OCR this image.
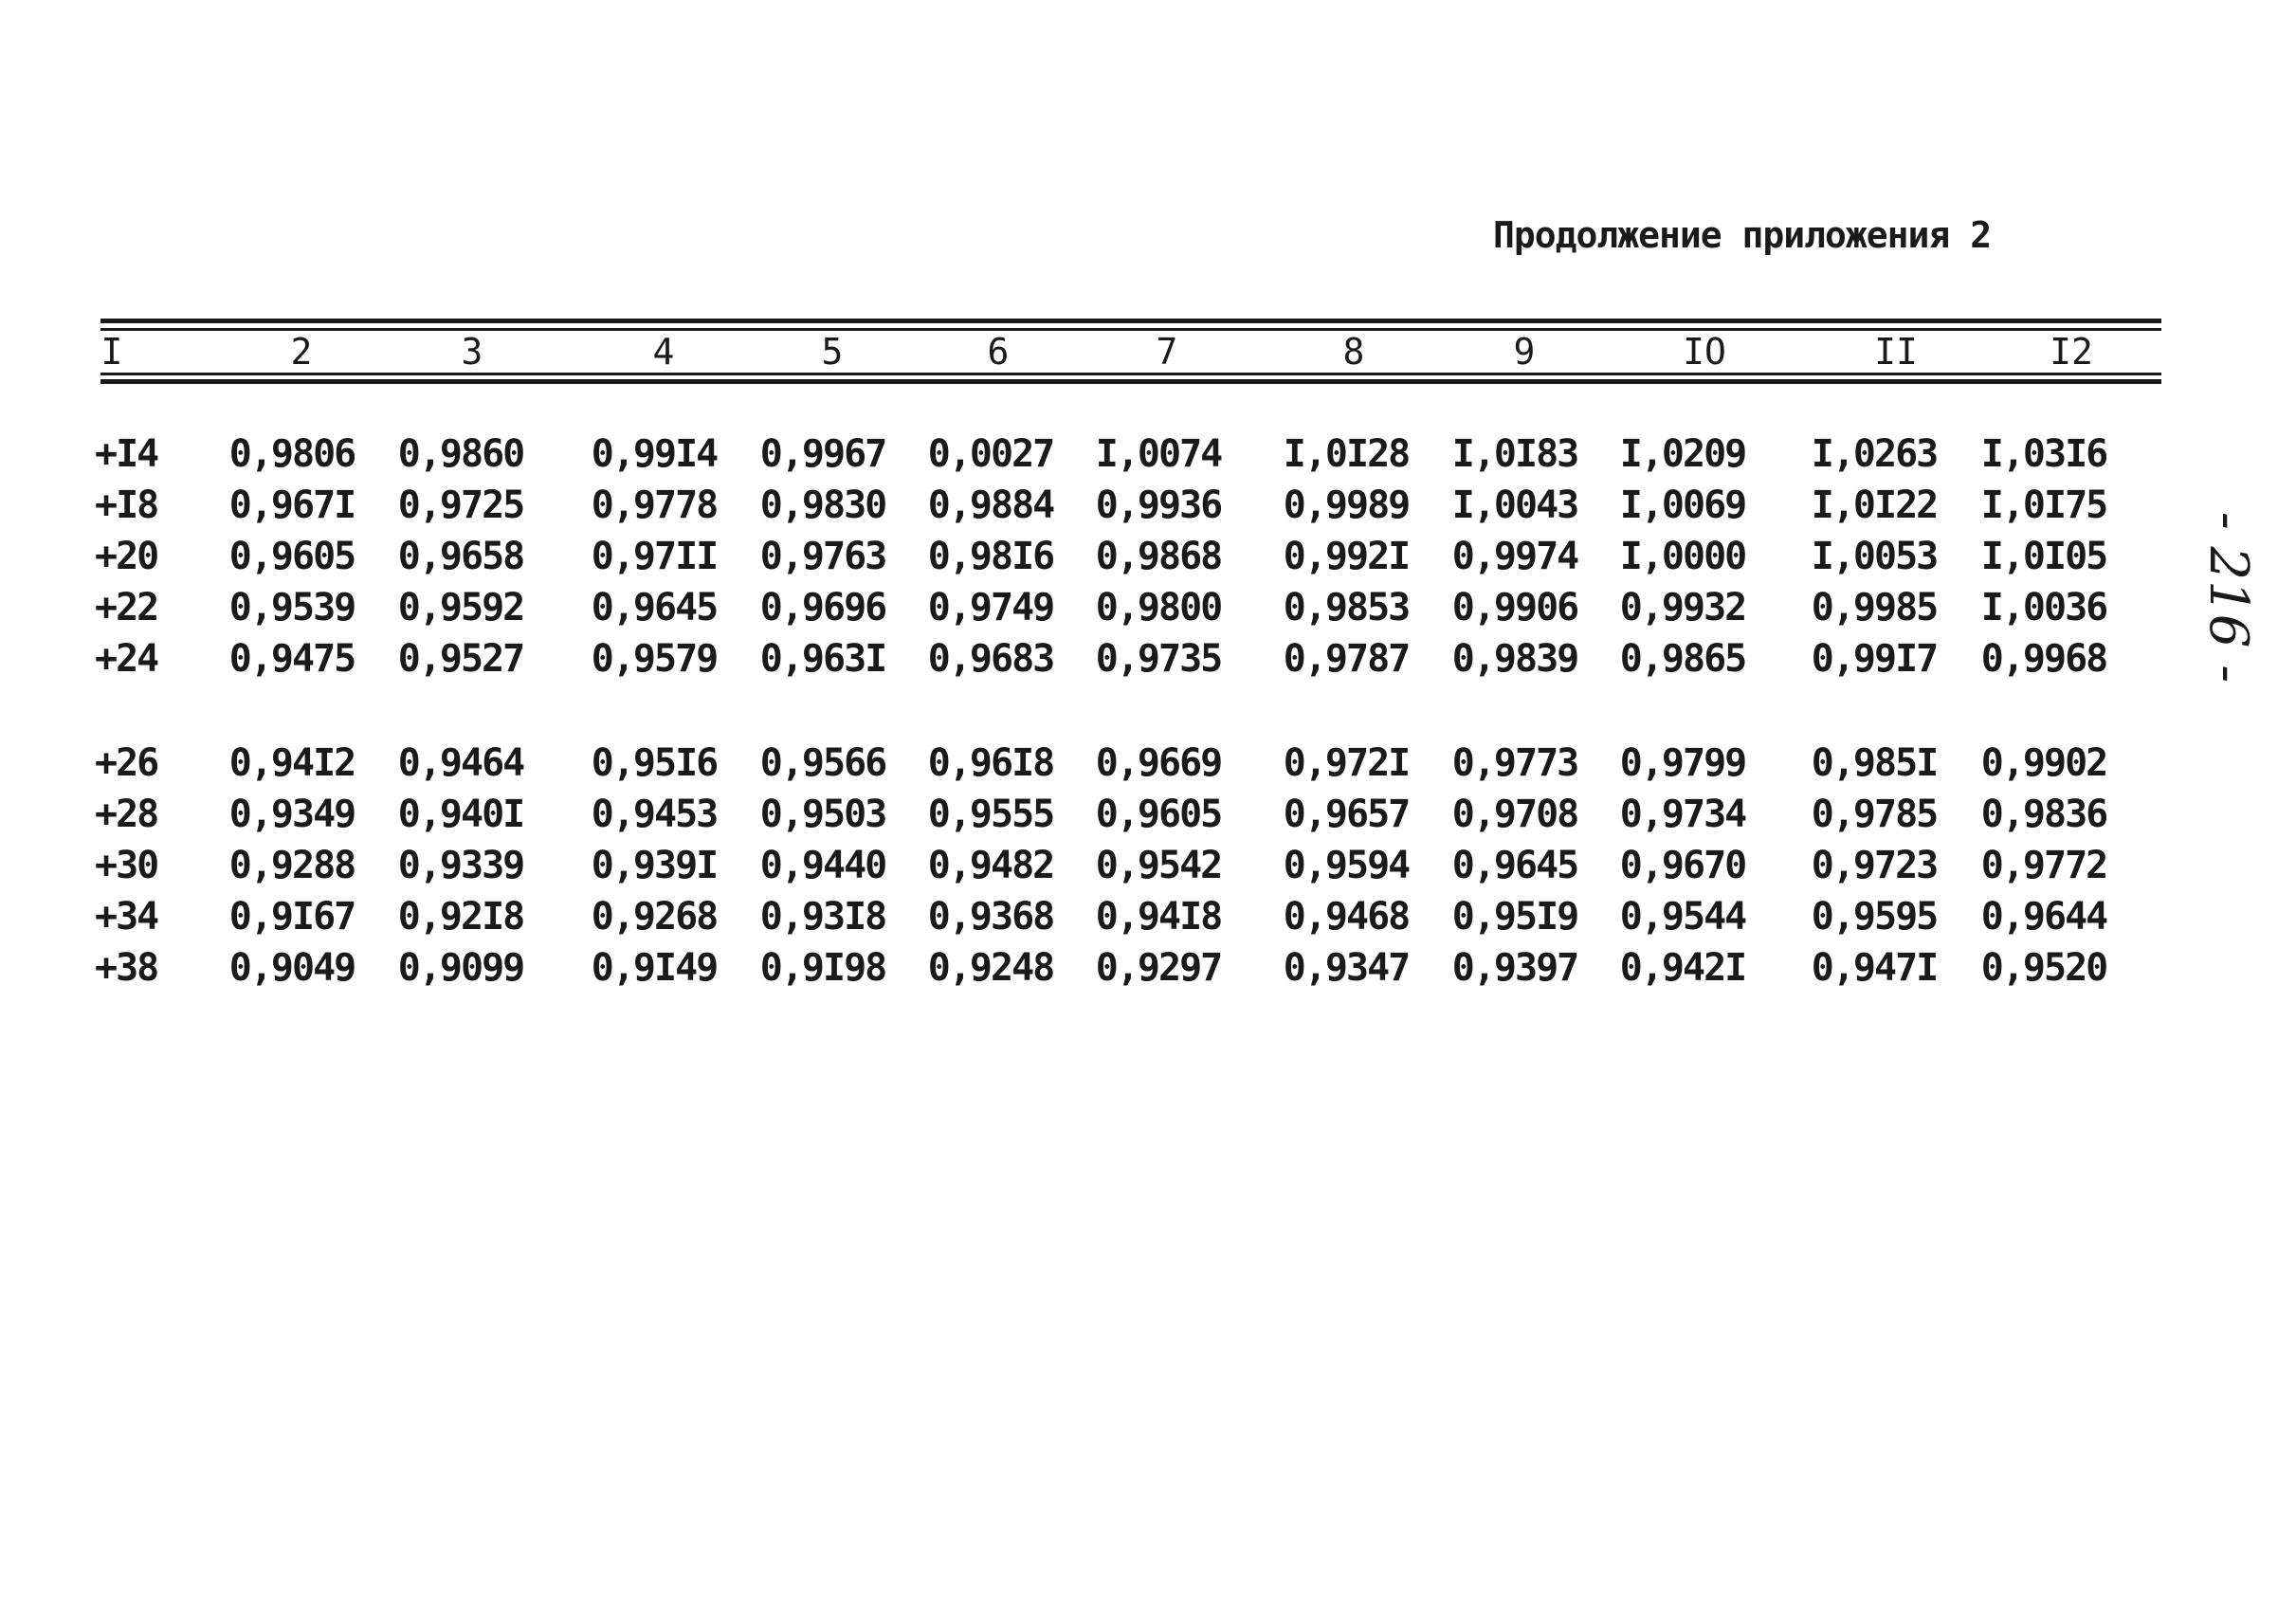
Продолжение приложения 2
- 216 -
I	2	3	4	5	6	7	8	9	IO	II	I2
+I4 0,9806 0,9860 0,99I4 0,9967 0,0027 I,0074 I,0I28 I,0I83 I,0209 I,0263 I,03I6
+I8 0,967I 0,9725 0,9778 0,9830 0,9884 0,9936 0,9989 I,0043 I,0069 I,0I22 I,0I75
+20 0,9605 0,9658 0,97II 0,9763 0,98I6 0,9868 0,992I 0,9974 I,0000 I,0053 I,0I05
+22 0,9539 0,9592 0,9645 0,9696 0,9749 0,9800 0,9853 0,9906 0,9932 0,9985 I,0036
+24 0,9475 0,9527 0,9579 0,963I 0,9683 0,9735 0,9787 0,9839 0,9865 0,99I7 0,9968
+26 0,94I2 0,9464 0,95I6 0,9566 0,96I8 0,9669 0,972I 0,9773 0,9799 0,985I 0,9902
+28 0,9349 0,940I 0,9453 0,9503 0,9555 0,9605 0,9657 0,9708 0,9734 0,9785 0,9836
+30 0,9288 0,9339 0,939I 0,9440 0,9482 0,9542 0,9594 0,9645 0,9670 0,9723 0,9772
+34 0,9I67 0,92I8 0,9268 0,93I8 0,9368 0,94I8 0,9468 0,95I9 0,9544 0,9595 0,9644
+38 0,9049 0,9099 0,9I49 0,9I98 0,9248 0,9297 0,9347 0,9397 0,942I 0,947I 0,9520
